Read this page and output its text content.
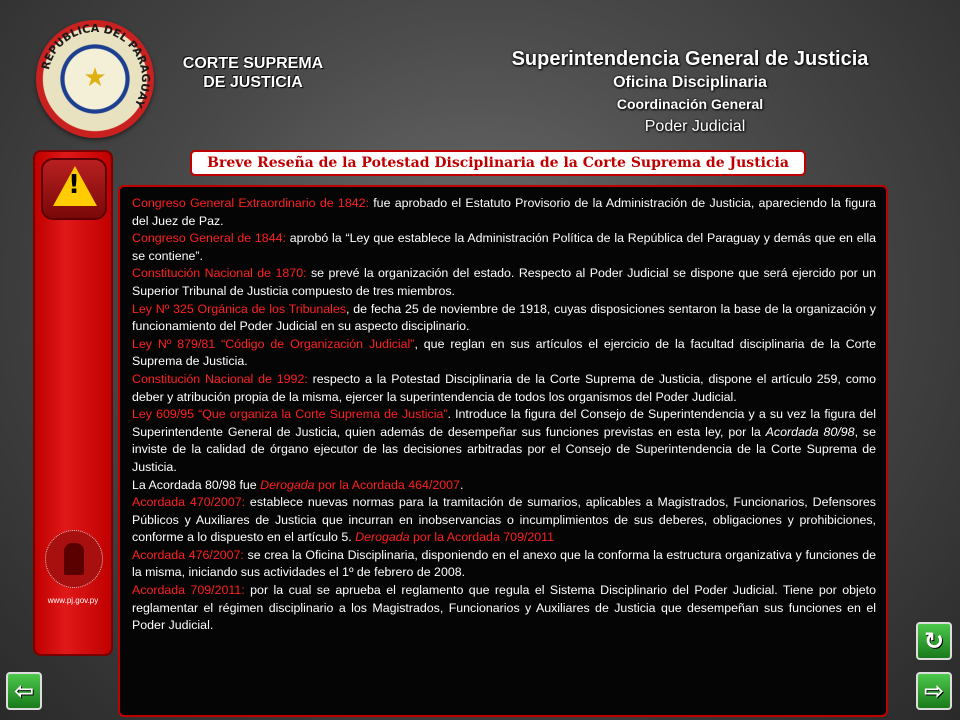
REPUBLICA DEL PARAGUAY
★	CORTE SUPREMA
DE JUSTICIA
Superintendencia General de Justicia
Oficina Disciplinaria
Coordinación General
Poder Judicial
!
www.pj.gov.py
Breve Reseña de la Potestad Disciplinaria de la Corte Suprema de Justicia

Congreso General Extraordinario de 1842: fue aprobado el Estatuto Provisorio de la Administración de Justicia, apareciendo la figura del Juez de Paz.

Congreso General de 1844: aprobó la “Ley que establece la Administración Política de la República del Paraguay y demás que en ella se contiene”.

Constitución Nacional de 1870: se prevé la organización del estado. Respecto al Poder Judicial se dispone que será ejercido por un Superior Tribunal de Justicia compuesto de tres miembros.

Ley Nº 325 Orgánica de los Tribunales, de fecha 25 de noviembre de 1918, cuyas disposiciones sentaron la base de la organización y funcionamiento del Poder Judicial en su aspecto disciplinario.

Ley Nº 879/81 “Código de Organización Judicial”, que reglan en sus artículos el ejercicio de la facultad disciplinaria de la Corte Suprema de Justicia.

Constitución Nacional de 1992: respecto a la Potestad Disciplinaria de la Corte Suprema de Justicia, dispone el artículo 259, como deber y atribución propia de la misma, ejercer la superintendencia de todos los organismos del Poder Judicial.

Ley 609/95 “Que organiza la Corte Suprema de Justicia”. Introduce la figura del Consejo de Superintendencia y a su vez la figura del Superintendente General de Justicia, quien además de desempeñar sus funciones previstas en esta ley, por la Acordada 80/98, se inviste de la calidad de órgano ejecutor de las decisiones arbitradas por el Consejo de Superintendencia de la Corte Suprema de Justicia.

La Acordada 80/98 fue Derogada por la Acordada 464/2007.

Acordada 470/2007: establece nuevas normas para la tramitación de sumarios, aplicables a Magistrados, Funcionarios, Defensores Públicos y Auxiliares de Justicia que incurran en inobservancias o incumplimientos de sus deberes, obligaciones y prohibiciones, conforme a lo dispuesto en el artículo 5. Derogada por la Acordada 709/2011

Acordada 476/2007: se crea la Oficina Disciplinaria, disponiendo en el anexo que la conforma la estructura organizativa y funciones de la misma, iniciando sus actividades el 1º de febrero de 2008.

Acordada 709/2011: por la cual se aprueba el reglamento que regula el Sistema Disciplinario del Poder Judicial. Tiene por objeto reglamentar el régimen disciplinario a los Magistrados, Funcionarios y Auxiliares de Justicia que desempeñan sus funciones en el Poder Judicial.

⇦
↻
⇨
